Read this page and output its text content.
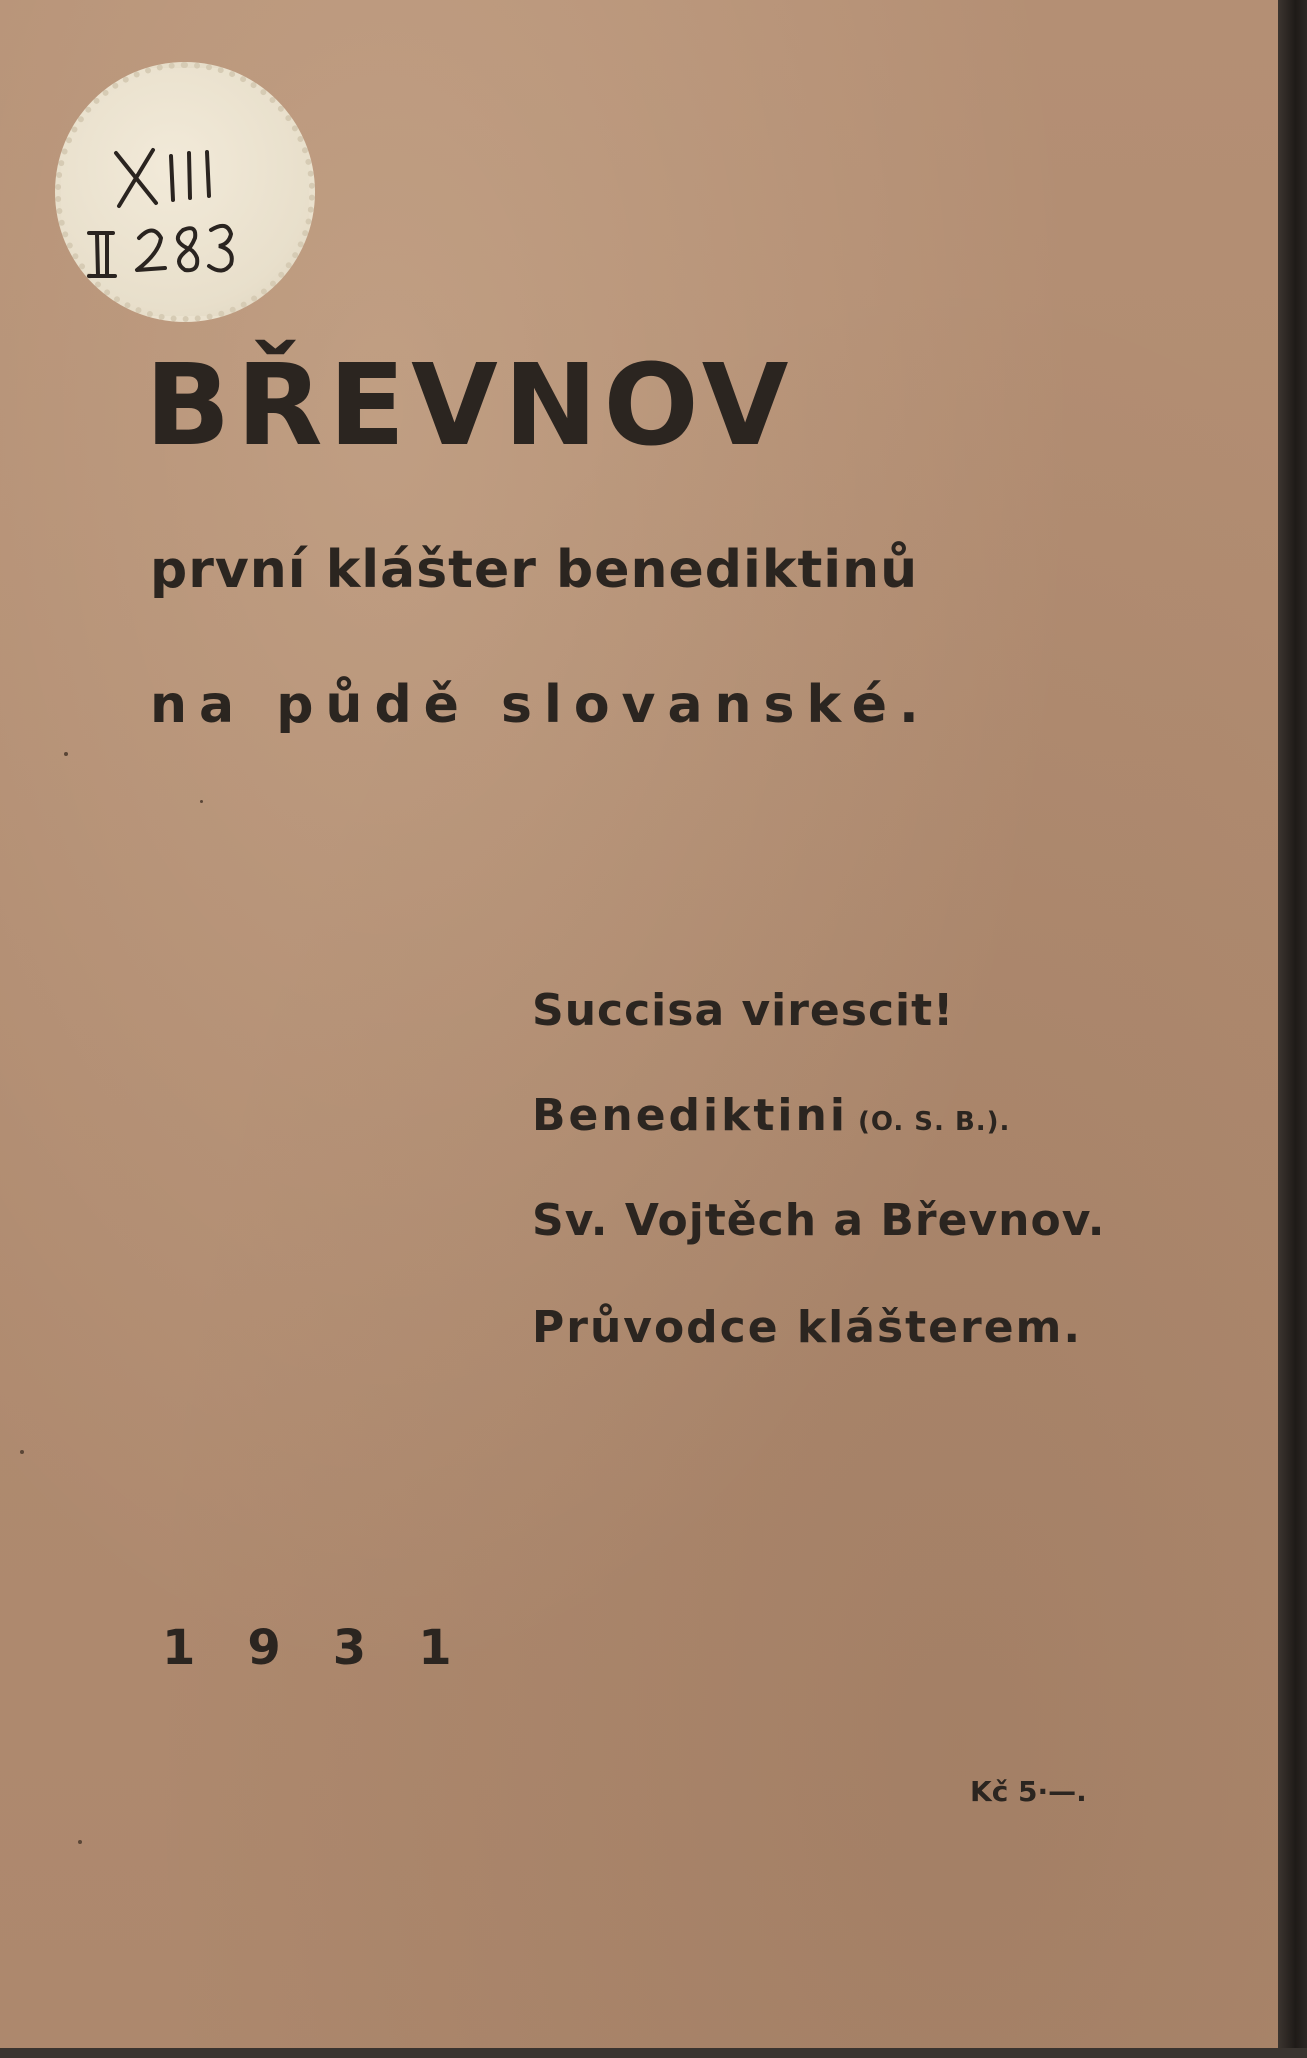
BŘEVNOV
první klášter benediktinů
na půdě slovanské.
Succisa virescit!
Benediktini (O. S. B.).
Sv. Vojtěch a Břevnov.
Průvodce klášterem.
1931
Kč 5·—.
